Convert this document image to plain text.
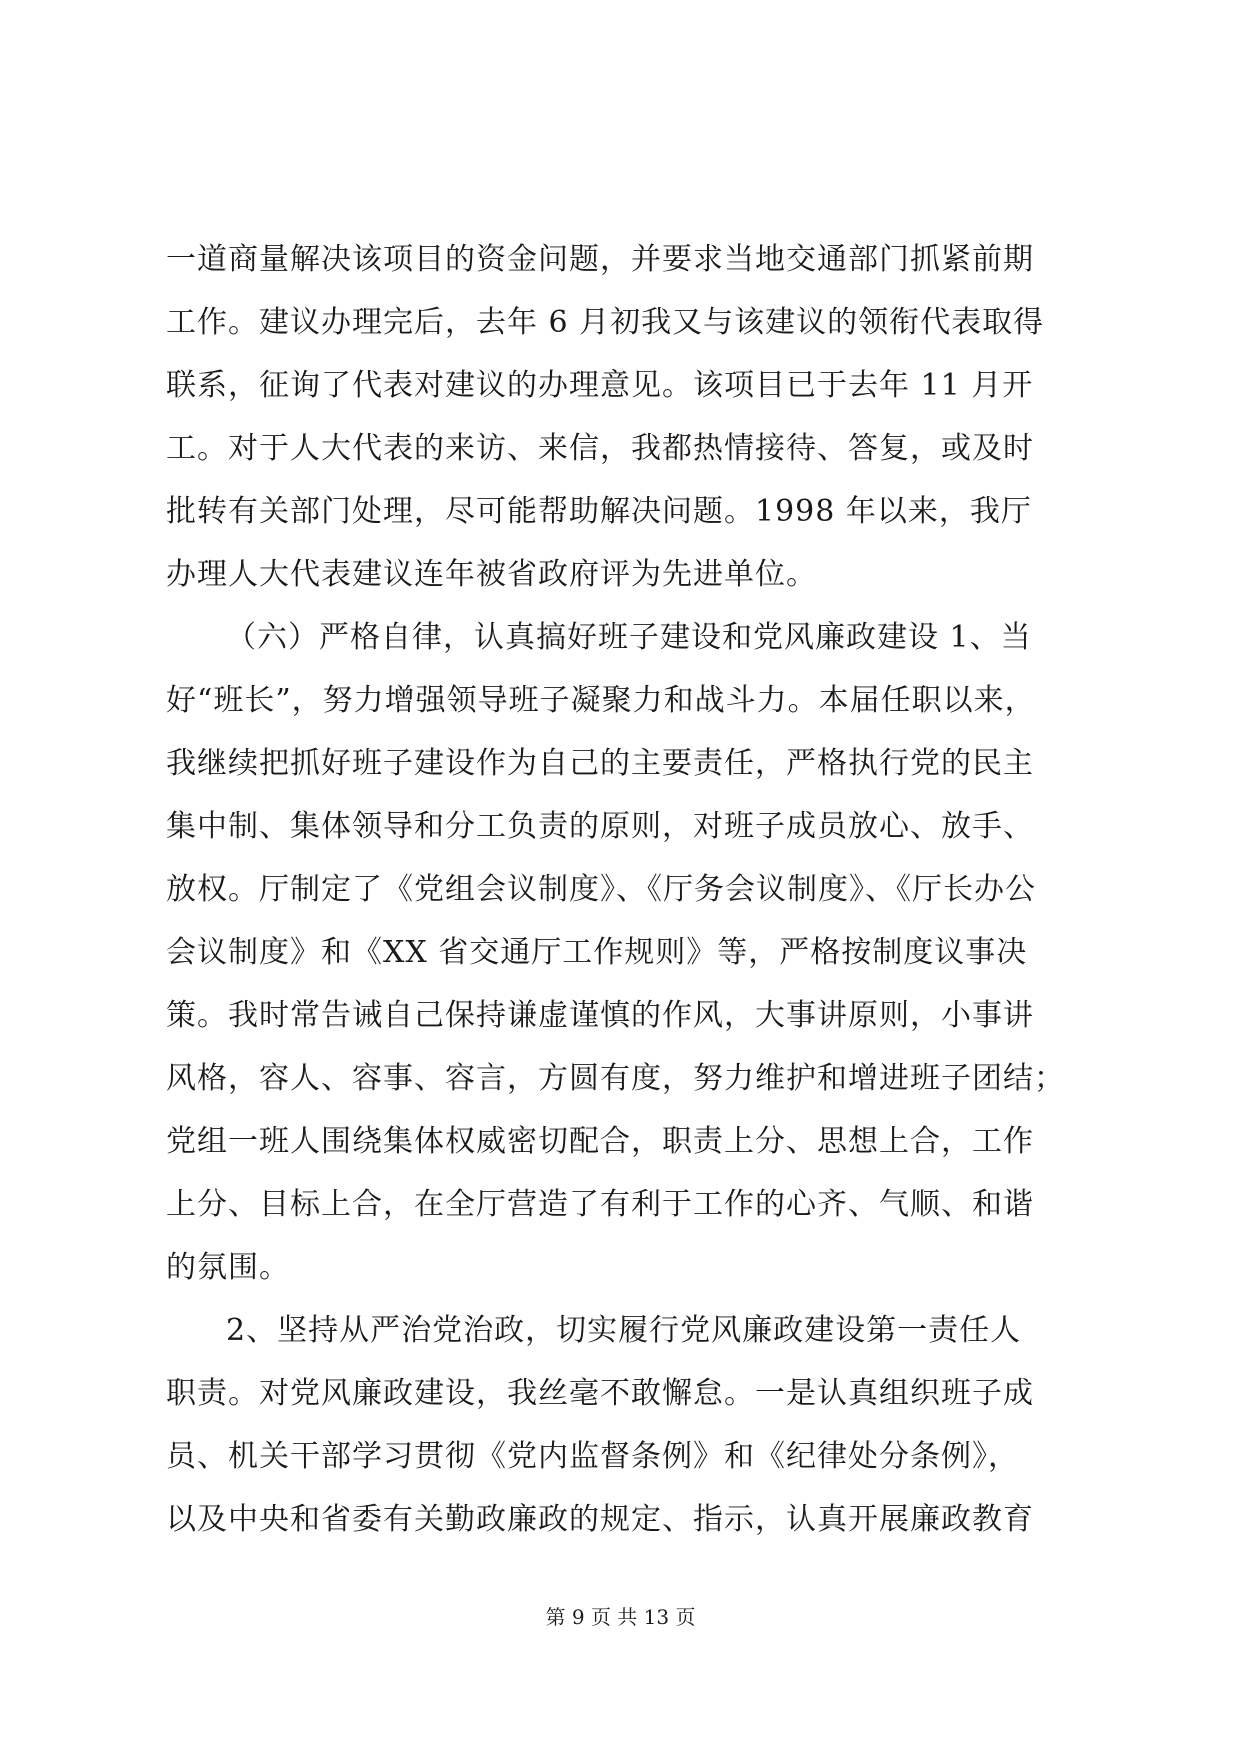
一道商量解决该项目的资金问题，并要求当地交通部门抓紧前期
工作。建议办理完后，去年 6 月初我又与该建议的领衔代表取得
联系，征询了代表对建议的办理意见。该项目已于去年 11 月开
工。对于人大代表的来访、来信，我都热情接待、答复，或及时
批转有关部门处理，尽可能帮助解决问题。1998 年以来，我厅
办理人大代表建议连年被省政府评为先进单位。

（六）严格自律，认真搞好班子建设和党风廉政建设 1、当
好“班长”，努力增强领导班子凝聚力和战斗力。本届任职以来，
我继续把抓好班子建设作为自己的主要责任，严格执行党的民主
集中制、集体领导和分工负责的原则，对班子成员放心、放手、
放权。厅制定了《党组会议制度》、《厅务会议制度》、《厅长办公
会议制度》和《XX 省交通厅工作规则》等，严格按制度议事决
策。我时常告诫自己保持谦虚谨慎的作风，大事讲原则，小事讲
风格，容人、容事、容言，方圆有度，努力维护和增进班子团结；
党组一班人围绕集体权威密切配合，职责上分、思想上合，工作
上分、目标上合，在全厅营造了有利于工作的心齐、气顺、和谐
的氛围。

2、坚持从严治党治政，切实履行党风廉政建设第一责任人
职责。对党风廉政建设，我丝毫不敢懈怠。一是认真组织班子成
员、机关干部学习贯彻《党内监督条例》和《纪律处分条例》，
以及中央和省委有关勤政廉政的规定、指示，认真开展廉政教育

第 9 页 共 13 页
